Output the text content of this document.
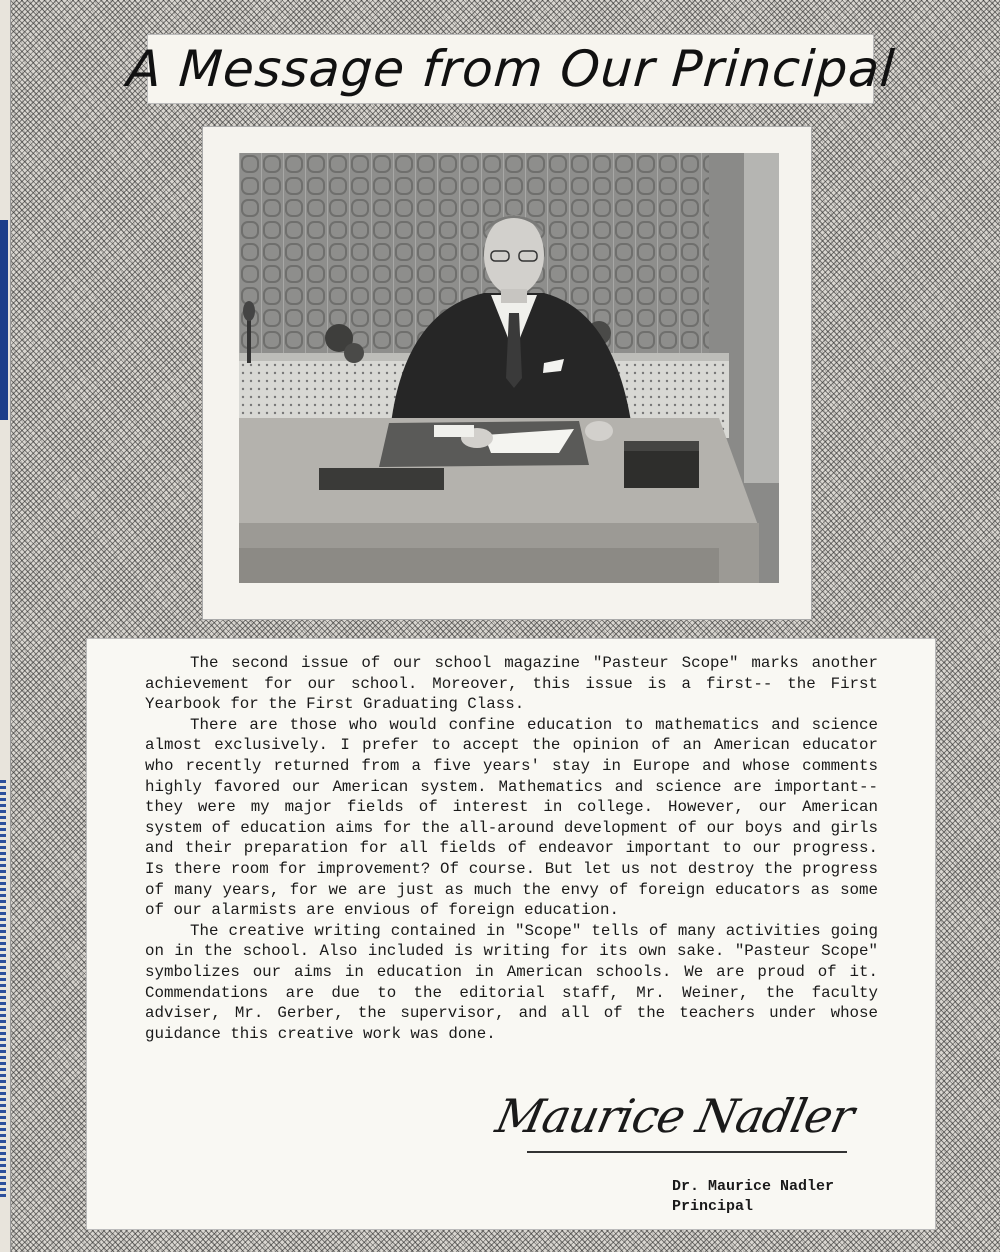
A Message from Our Principal

The second issue of our school magazine "Pasteur Scope" marks another achievement for our school. Moreover, this issue is a first-- the First Yearbook for the First Graduating Class.

There are those who would confine education to mathematics and science almost exclusively. I prefer to accept the opinion of an American educator who recently returned from a five years' stay in Europe and whose comments highly favored our American system. Mathematics and science are important--they were my major fields of interest in college. However, our American system of education aims for the all-around development of our boys and girls and their preparation for all fields of endeavor important to our progress. Is there room for improvement? Of course. But let us not destroy the progress of many years, for we are just as much the envy of foreign educators as some of our alarmists are envious of foreign education.

The creative writing contained in "Scope" tells of many activities going on in the school. Also included is writing for its own sake. "Pasteur Scope" symbolizes our aims in education in American schools. We are proud of it. Commendations are due to the editorial staff, Mr. Weiner, the faculty adviser, Mr. Gerber, the supervisor, and all of the teachers under whose guidance this creative work was done.

Maurice Nadler
Dr. Maurice Nadler
Principal
